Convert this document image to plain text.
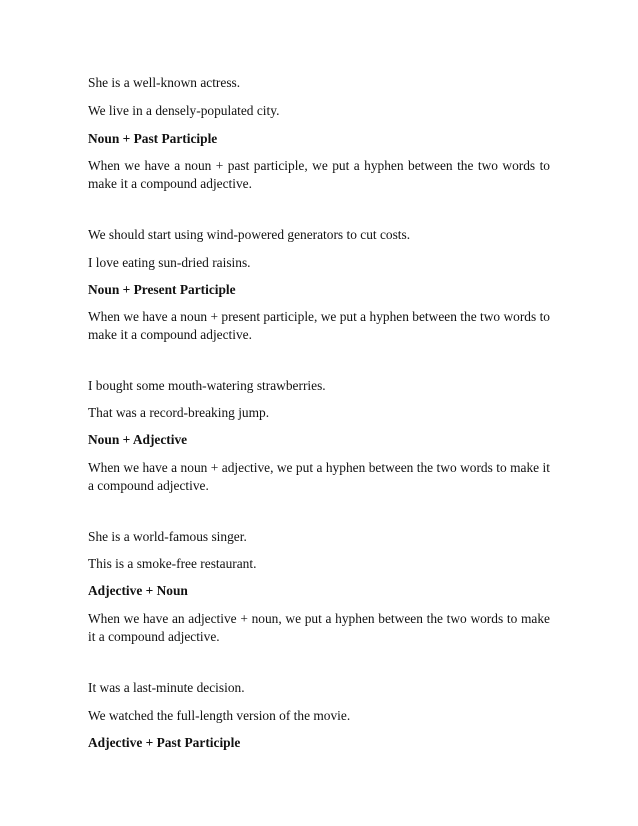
She is a well-known actress.

We live in a densely-populated city.

Noun + Past Participle

When we have a noun + past participle, we put a hyphen between the two words to make it a compound adjective.

We should start using wind-powered generators to cut costs.

I love eating sun-dried raisins.

Noun + Present Participle

When we have a noun + present participle, we put a hyphen between the two words to make it a compound adjective.

I bought some mouth-watering strawberries.

That was a record-breaking jump.

Noun + Adjective

When we have a noun + adjective, we put a hyphen between the two words to make it a compound adjective.

She is a world-famous singer.

This is a smoke-free restaurant.

Adjective + Noun

When we have an adjective + noun, we put a hyphen between the two words to make it a compound adjective.

It was a last-minute decision.

We watched the full-length version of the movie.

Adjective + Past Participle
